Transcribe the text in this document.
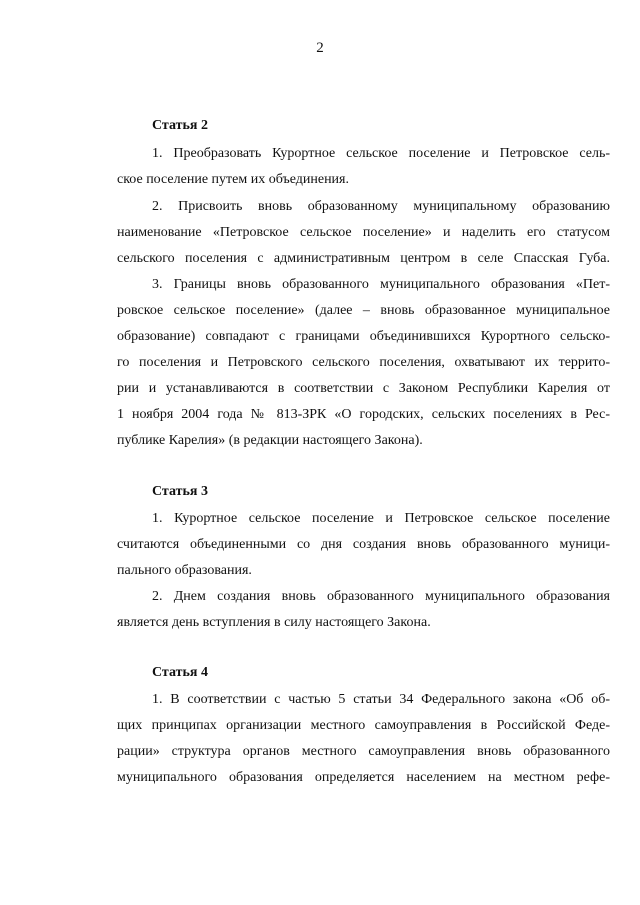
2
Статья 2
1. Преобразовать Курортное сельское поселение и Петровское сель-
ское поселение путем их объединения.
2. Присвоить вновь образованному муниципальному образованию
наименование «Петровское сельское поселение» и наделить его статусом
сельского поселения с административным центром в селе Спасская Губа.
3. Границы вновь образованного муниципального образования «Пет-
ровское сельское поселение» (далее – вновь образованное муниципальное
образование) совпадают с границами объединившихся Курортного сельско-
го поселения и Петровского сельского поселения, охватывают их террито-
рии и устанавливаются в соответствии с Законом Республики Карелия от
1 ноября 2004 года № 813-ЗРК «О городских, сельских поселениях в Рес-
публике Карелия» (в редакции настоящего Закона).
Статья 3
1. Курортное сельское поселение и Петровское сельское поселение
считаются объединенными со дня создания вновь образованного муници-
пального образования.
2. Днем создания вновь образованного муниципального образования
является день вступления в силу настоящего Закона.
Статья 4
1. В соответствии с частью 5 статьи 34 Федерального закона «Об об-
щих принципах организации местного самоуправления в Российской Феде-
рации» структура органов местного самоуправления вновь образованного
муниципального образования определяется населением на местном рефе-
